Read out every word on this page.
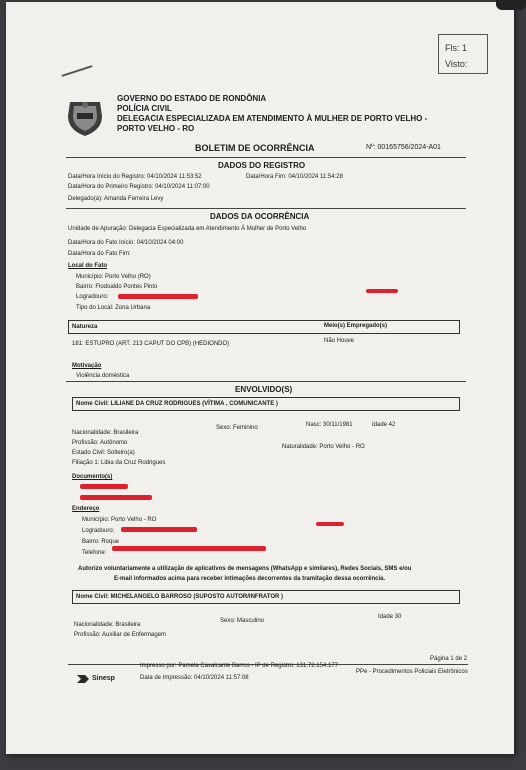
Fls: 1
Visto:
GOVERNO DO ESTADO DE RONDÔNIA
POLÍCIA CIVIL
DELEGACIA ESPECIALIZADA EM ATENDIMENTO À MULHER DE PORTO VELHO -
PORTO VELHO - RO
BOLETIM DE OCORRÊNCIA	Nº: 00165756/2024-A01
DADOS DO REGISTRO
Data/Hora Início do Registro: 04/10/2024 11:53:52	Data/Hora Fim: 04/10/2024 11:54:28
Data/Hora do Primeiro Registro: 04/10/2024 11:07:00
Delegado(a): Amanda Ferreira Levy
DADOS DA OCORRÊNCIA
Unidade de Apuração: Delegacia Especializada em Atendimento À Mulher de Porto Velho
Data/Hora do Fato Início: 04/10/2024 04:00
Data/Hora do Fato Fim:
Local do Fato
Município: Porto Velho (RO)
Bairro: Flodoaldo Pontes Pinto
Logradouro:
Tipo do Local: Zona Urbana
Natureza	Meio(s) Empregado(s)
181: ESTUPRO (ART. 213 CAPUT DO CPB) (HEDIONDO)	Não Houve
Motivação
Violência doméstica
ENVOLVIDO(S)
Nome Civil: LILIANE DA CRUZ RODRIGUES (VÍTIMA , COMUNICANTE )
Sexo: Feminino	Nasc: 30/11/1981	Idade 42
Nacionalidade: Brasileira
Profissão: Autônomo
Naturalidade: Porto Velho - RO
Estado Civil: Solteiro(a)
Filiação 1: Libia da Cruz Rodrigues
Documento(s)
Endereço
Município: Porto Velho - RO
Logradouro:
Bairro: Roque
Telefone:
Autorizo voluntariamente a utilização de aplicativos de mensagens (WhatsApp e similares), Redes Sociais, SMS e/ou
E-mail informados acima para receber intimações decorrentes da tramitação dessa ocorrência.
Nome Civil: MICHELANGELO BARROSO (SUPOSTO AUTOR/INFRATOR )
Idade 30
Sexo: Masculino
Nacionalidade: Brasileira
Profissão: Auxiliar de Enfermagem
Página 1 de 2
Sinesp
Impresso por: Pamela Cavalcante Barros - IP de Registro: 131.72.154.177
Data de Impressão: 04/10/2024 11:57:08
PPe - Procedimentos Policiais Eletrônicos
